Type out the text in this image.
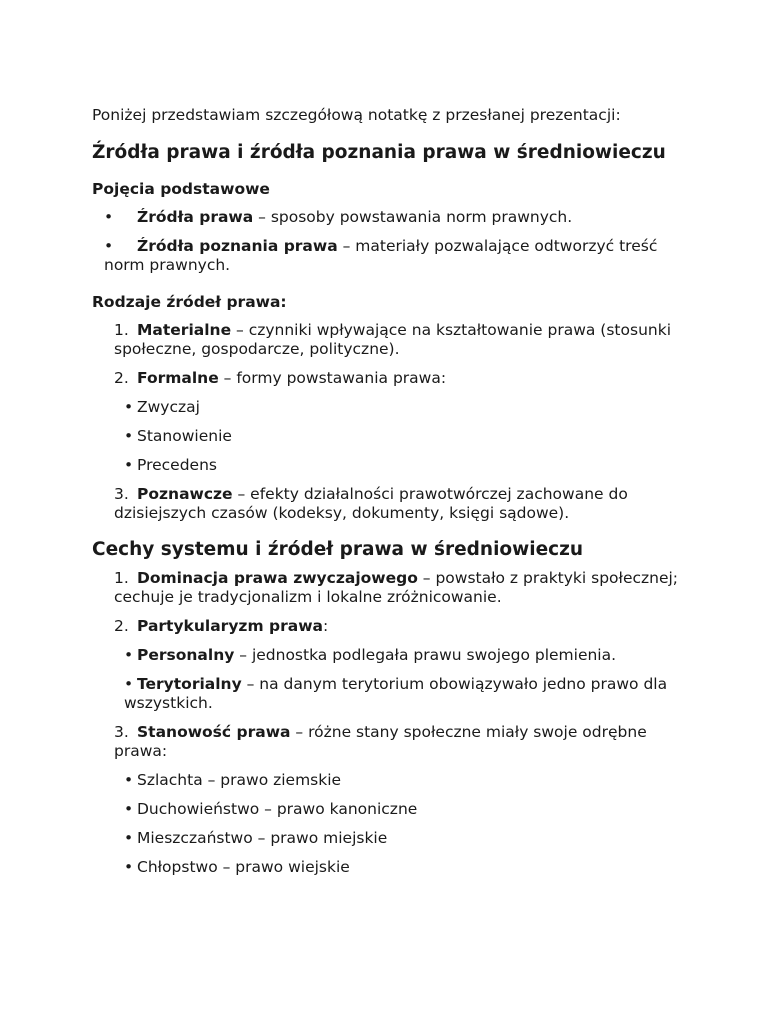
Poniżej przedstawiam szczegółową notatkę z przesłanej prezentacji:

Źródła prawa i źródła poznania prawa w średniowieczu
Pojęcia podstawowe
• Źródła prawa – sposoby powstawania norm prawnych.
• Źródła poznania prawa – materiały pozwalające odtworzyć treść norm prawnych.
Rodzaje źródeł prawa:
1. Materialne – czynniki wpływające na kształtowanie prawa (stosunki społeczne, gospodarcze, polityczne).
2. Formalne – formy powstawania prawa:
• Zwyczaj
• Stanowienie
• Precedens
3. Poznawcze – efekty działalności prawotwórczej zachowane do dzisiejszych czasów (kodeksy, dokumenty, księgi sądowe).
Cechy systemu i źródeł prawa w średniowieczu
1. Dominacja prawa zwyczajowego – powstało z praktyki społecznej; cechuje je tradycjonalizm i lokalne zróżnicowanie.
2. Partykularyzm prawa:
• Personalny – jednostka podlegała prawu swojego plemienia.
• Terytorialny – na danym terytorium obowiązywało jedno prawo dla wszystkich.
3. Stanowość prawa – różne stany społeczne miały swoje odrębne prawa:
• Szlachta – prawo ziemskie
• Duchowieństwo – prawo kanoniczne
• Mieszczaństwo – prawo miejskie
• Chłopstwo – prawo wiejskie
